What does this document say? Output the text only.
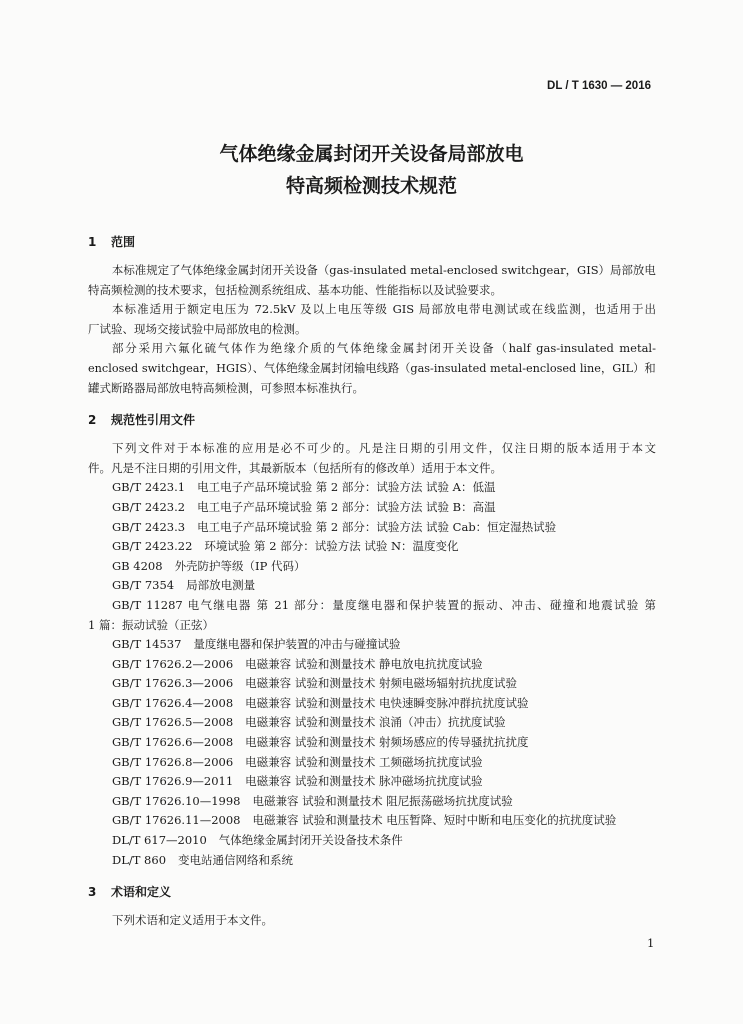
DL / T 1630 — 2016
气体绝缘金属封闭开关设备局部放电
特高频检测技术规范
1 范围
本标准规定了气体绝缘金属封闭开关设备（gas-insulated metal-enclosed switchgear，GIS）局部放电
特高频检测的技术要求，包括检测系统组成、基本功能、性能指标以及试验要求。
本标准适用于额定电压为 72.5kV 及以上电压等级 GIS 局部放电带电测试或在线监测，也适用于出
厂试验、现场交接试验中局部放电的检测。
部分采用六氟化硫气体作为绝缘介质的气体绝缘金属封闭开关设备（half gas-insulated metal-
enclosed switchgear，HGIS）、气体绝缘金属封闭输电线路（gas-insulated metal-enclosed line，GIL）和
罐式断路器局部放电特高频检测，可参照本标准执行。
2 规范性引用文件
下列文件对于本标准的应用是必不可少的。凡是注日期的引用文件，仅注日期的版本适用于本文
件。凡是不注日期的引用文件，其最新版本（包括所有的修改单）适用于本文件。
GB/T 2423.1 电工电子产品环境试验 第 2 部分：试验方法 试验 A：低温
GB/T 2423.2 电工电子产品环境试验 第 2 部分：试验方法 试验 B：高温
GB/T 2423.3 电工电子产品环境试验 第 2 部分：试验方法 试验 Cab：恒定湿热试验
GB/T 2423.22 环境试验 第 2 部分：试验方法 试验 N：温度变化
GB 4208 外壳防护等级（IP 代码）
GB/T 7354 局部放电测量
GB/T 11287 电气继电器 第 21 部分：量度继电器和保护装置的振动、冲击、碰撞和地震试验 第
1 篇：振动试验（正弦）
GB/T 14537 量度继电器和保护装置的冲击与碰撞试验
GB/T 17626.2—2006 电磁兼容 试验和测量技术 静电放电抗扰度试验
GB/T 17626.3—2006 电磁兼容 试验和测量技术 射频电磁场辐射抗扰度试验
GB/T 17626.4—2008 电磁兼容 试验和测量技术 电快速瞬变脉冲群抗扰度试验
GB/T 17626.5—2008 电磁兼容 试验和测量技术 浪涌（冲击）抗扰度试验
GB/T 17626.6—2008 电磁兼容 试验和测量技术 射频场感应的传导骚扰抗扰度
GB/T 17626.8—2006 电磁兼容 试验和测量技术 工频磁场抗扰度试验
GB/T 17626.9—2011 电磁兼容 试验和测量技术 脉冲磁场抗扰度试验
GB/T 17626.10—1998 电磁兼容 试验和测量技术 阻尼振荡磁场抗扰度试验
GB/T 17626.11—2008 电磁兼容 试验和测量技术 电压暂降、短时中断和电压变化的抗扰度试验
DL/T 617—2010 气体绝缘金属封闭开关设备技术条件
DL/T 860 变电站通信网络和系统
3 术语和定义
下列术语和定义适用于本文件。
1
